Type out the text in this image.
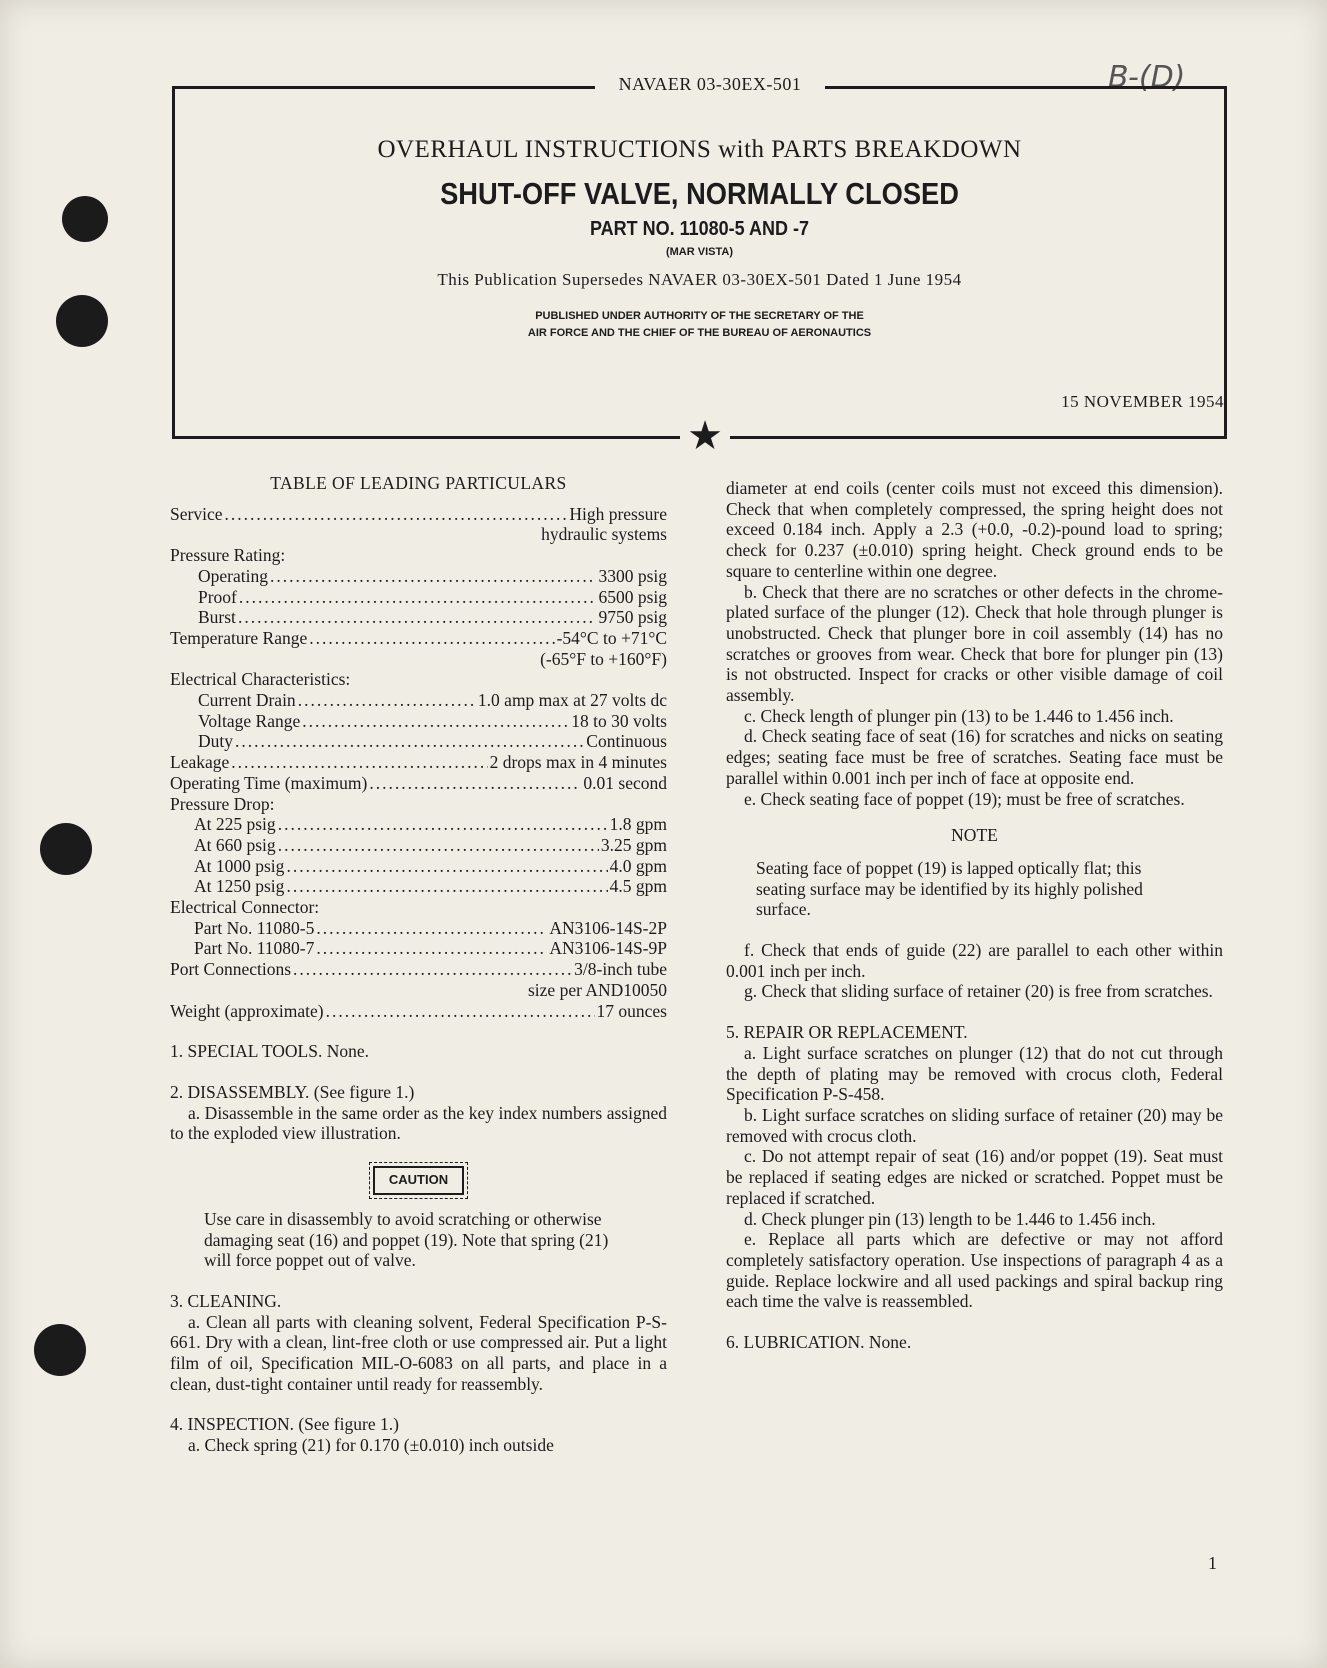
B-(D)
NAVAER 03-30EX-501
OVERHAUL INSTRUCTIONS with PARTS BREAKDOWN
SHUT-OFF VALVE, NORMALLY CLOSED
PART NO. 11080-5 AND -7
(MAR VISTA)
This Publication Supersedes NAVAER 03-30EX-501 Dated 1 June 1954
PUBLISHED UNDER AUTHORITY OF THE SECRETARY OF THE
AIR FORCE AND THE CHIEF OF THE BUREAU OF AERONAUTICS
15 NOVEMBER 1954
★
TABLE OF LEADING PARTICULARS
Service .....	High pressure
hydraulic systems
Pressure Rating:
Operating .....	3300 psig
Proof .....	6500 psig
Burst .....	9750 psig
Temperature Range .....	-54°C to +71°C
(-65°F to +160°F)
Electrical Characteristics:
Current Drain .....	1.0 amp max at 27 volts dc
Voltage Range .....	18 to 30 volts
Duty .....	Continuous
Leakage .....	2 drops max in 4 minutes
Operating Time (maximum) .....	0.01 second
Pressure Drop:
At 225 psig .....	1.8 gpm
At 660 psig .....	3.25 gpm
At 1000 psig .....	4.0 gpm
At 1250 psig .....	4.5 gpm
Electrical Connector:
Part No. 11080-5 .....	AN3106-14S-2P
Part No. 11080-7 .....	AN3106-14S-9P
Port Connections .....	3/8-inch tube
size per AND10050
Weight (approximate) .....	17 ounces

1. SPECIAL TOOLS. None.

2. DISASSEMBLY. (See figure 1.)

a. Disassemble in the same order as the key index numbers assigned to the exploded view illustration.

CAUTION

Use care in disassembly to avoid scratching or otherwise damaging seat (16) and poppet (19). Note that spring (21) will force poppet out of valve.

3. CLEANING.

a. Clean all parts with cleaning solvent, Federal Specification P-S-661. Dry with a clean, lint-free cloth or use compressed air. Put a light film of oil, Specification MIL-O-6083 on all parts, and place in a clean, dust-tight container until ready for reassembly.

4. INSPECTION. (See figure 1.)

a. Check spring (21) for 0.170 (±0.010) inch outside

diameter at end coils (center coils must not exceed this dimension). Check that when completely compressed, the spring height does not exceed 0.184 inch. Apply a 2.3 (+0.0, -0.2)-pound load to spring; check for 0.237 (±0.010) spring height. Check ground ends to be square to centerline within one degree.

b. Check that there are no scratches or other defects in the chrome-plated surface of the plunger (12). Check that hole through plunger is unobstructed. Check that plunger bore in coil assembly (14) has no scratches or grooves from wear. Check that bore for plunger pin (13) is not obstructed. Inspect for cracks or other visible damage of coil assembly.

c. Check length of plunger pin (13) to be 1.446 to 1.456 inch.

d. Check seating face of seat (16) for scratches and nicks on seating edges; seating face must be free of scratches. Seating face must be parallel within 0.001 inch per inch of face at opposite end.

e. Check seating face of poppet (19); must be free of scratches.

NOTE

Seating face of poppet (19) is lapped optically flat; this seating surface may be identified by its highly polished surface.

f. Check that ends of guide (22) are parallel to each other within 0.001 inch per inch.

g. Check that sliding surface of retainer (20) is free from scratches.

5. REPAIR OR REPLACEMENT.

a. Light surface scratches on plunger (12) that do not cut through the depth of plating may be removed with crocus cloth, Federal Specification P-S-458.

b. Light surface scratches on sliding surface of retainer (20) may be removed with crocus cloth.

c. Do not attempt repair of seat (16) and/or poppet (19). Seat must be replaced if seating edges are nicked or scratched. Poppet must be replaced if scratched.

d. Check plunger pin (13) length to be 1.446 to 1.456 inch.

e. Replace all parts which are defective or may not afford completely satisfactory operation. Use inspections of paragraph 4 as a guide. Replace lockwire and all used packings and spiral backup ring each time the valve is reassembled.

6. LUBRICATION. None.

1
